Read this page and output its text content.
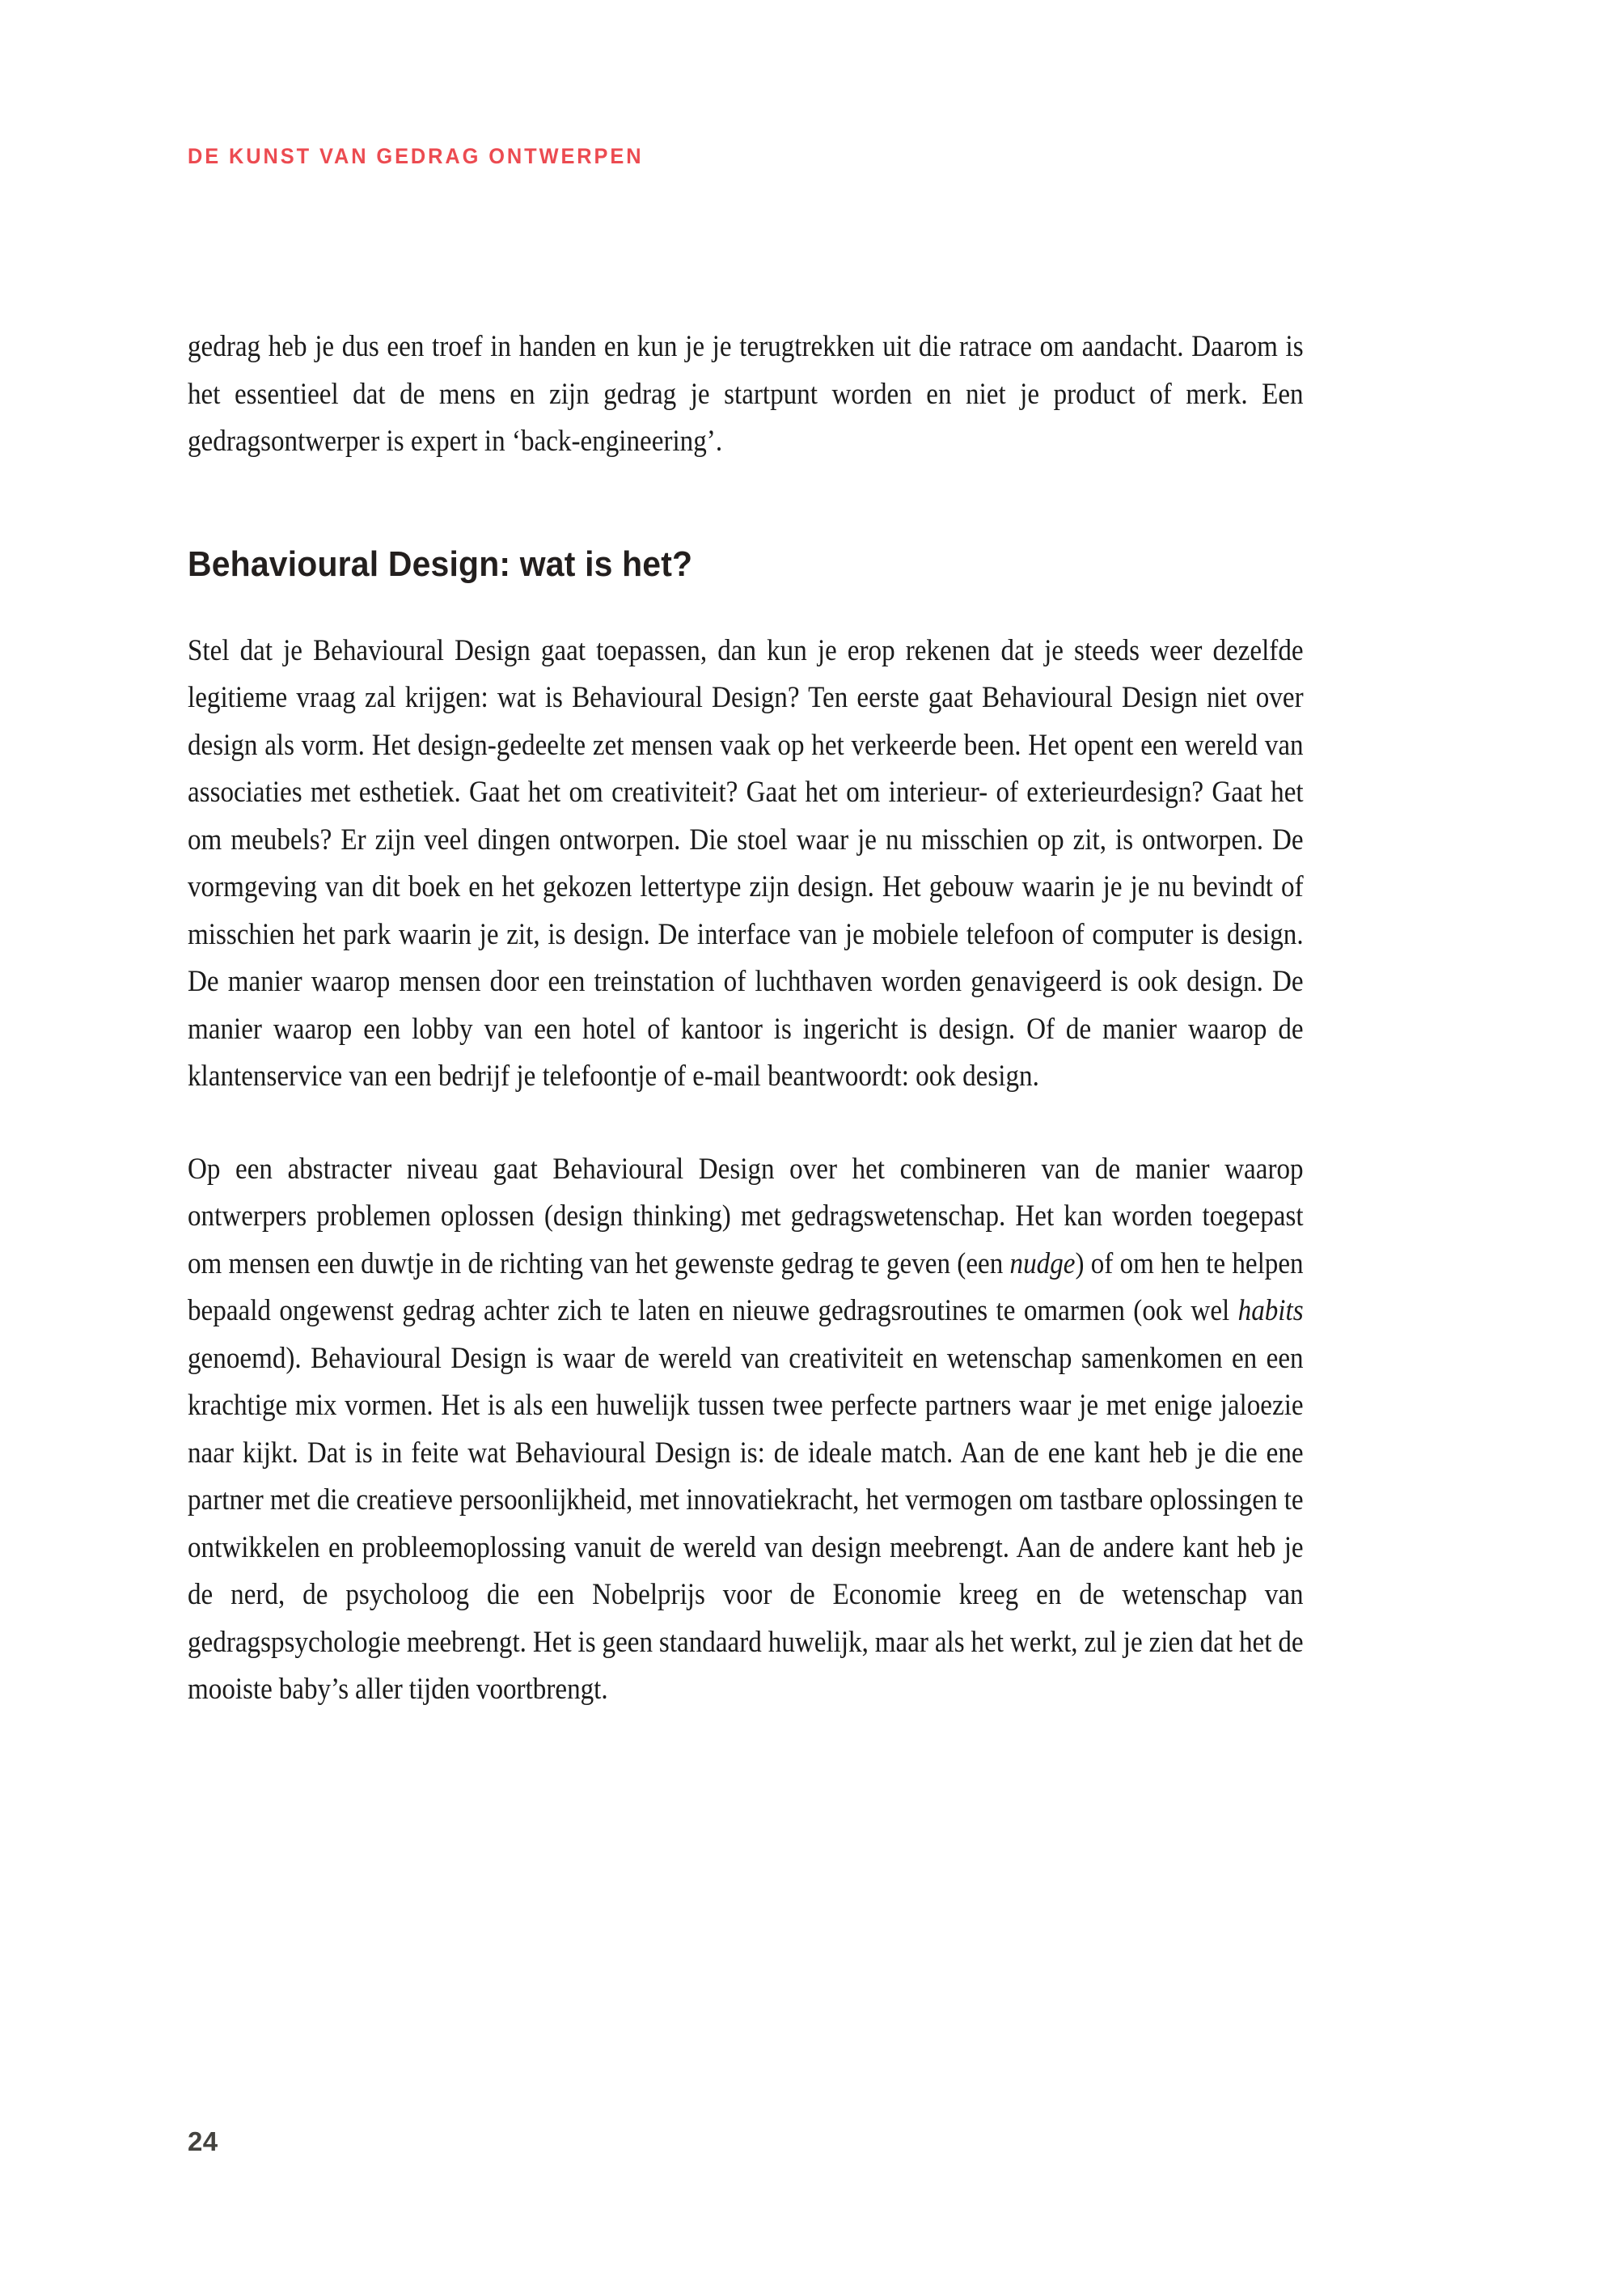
DE KUNST VAN GEDRAG ONTWERPEN

gedrag heb je dus een troef in handen en kun je je terugtrekken uit die ratrace om aandacht. Daarom is het essentieel dat de mens en zijn gedrag je startpunt worden en niet je product of merk. Een gedragsontwerper is expert in ‘back-engineering’.

Behavioural Design: wat is het?

Stel dat je Behavioural Design gaat toepassen, dan kun je erop rekenen dat je steeds weer dezelfde legitieme vraag zal krijgen: wat is Behavioural Design? Ten eerste gaat Behavioural Design niet over design als vorm. Het design-gedeelte zet mensen vaak op het verkeerde been. Het opent een wereld van associaties met esthetiek. Gaat het om creativiteit? Gaat het om interieur- of exterieurdesign? Gaat het om meubels? Er zijn veel dingen ontworpen. Die stoel waar je nu misschien op zit, is ontworpen. De vormgeving van dit boek en het gekozen lettertype zijn design. Het gebouw waarin je je nu bevindt of misschien het park waarin je zit, is design. De interface van je mobiele telefoon of computer is design. De manier waarop mensen door een treinstation of luchthaven worden genavigeerd is ook design. De manier waarop een lobby van een hotel of kantoor is ingericht is design. Of de manier waarop de klantenservice van een bedrijf je telefoontje of e-mail beantwoordt: ook design.

Op een abstracter niveau gaat Behavioural Design over het combineren van de manier waarop ontwerpers problemen oplossen (design thinking) met gedragswetenschap. Het kan worden toegepast om mensen een duwtje in de richting van het gewenste gedrag te geven (een nudge) of om hen te helpen bepaald ongewenst gedrag achter zich te laten en nieuwe gedragsroutines te omarmen (ook wel habits genoemd). Behavioural Design is waar de wereld van creativiteit en wetenschap samenkomen en een krachtige mix vormen. Het is als een huwelijk tussen twee perfecte partners waar je met enige jaloezie naar kijkt. Dat is in feite wat Behavioural Design is: de ideale match. Aan de ene kant heb je die ene partner met die creatieve persoonlijkheid, met innovatiekracht, het vermogen om tastbare oplossingen te ontwikkelen en probleemoplossing vanuit de wereld van design meebrengt. Aan de andere kant heb je de nerd, de psycholoog die een Nobelprijs voor de Economie kreeg en de wetenschap van gedragspsychologie meebrengt. Het is geen standaard huwelijk, maar als het werkt, zul je zien dat het de mooiste baby’s aller tijden voortbrengt.

24
